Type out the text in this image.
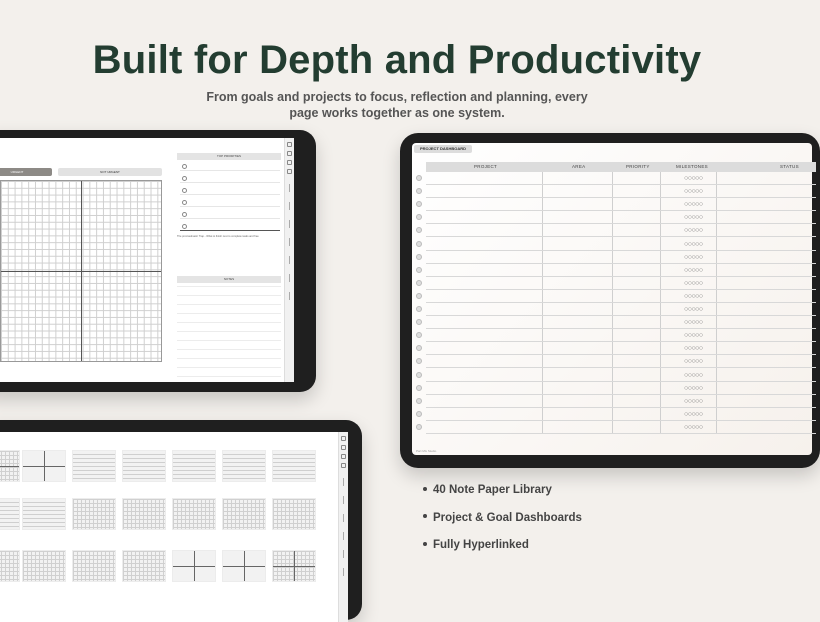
Built for Depth and Productivity
From goals and projects to focus, reflection and planning, every
page works together as one system.
URGENT	NOT URGENT
TOP PRIORITIES
The procrastinator Trap - What to finish next to complete tasks and free
NOTES
PROJECT DASHBOARD
PROJECT	AREA	PRIORITY	MILESTONES	STATUS
○○○○○
○○○○○
○○○○○
○○○○○
○○○○○
○○○○○
○○○○○
○○○○○
○○○○○
○○○○○
○○○○○
○○○○○
○○○○○
○○○○○
○○○○○
○○○○○
○○○○○
○○○○○
○○○○○
○○○○○
Part Mix Studio
40 Note Paper Library
Project & Goal Dashboards
Fully Hyperlinked
